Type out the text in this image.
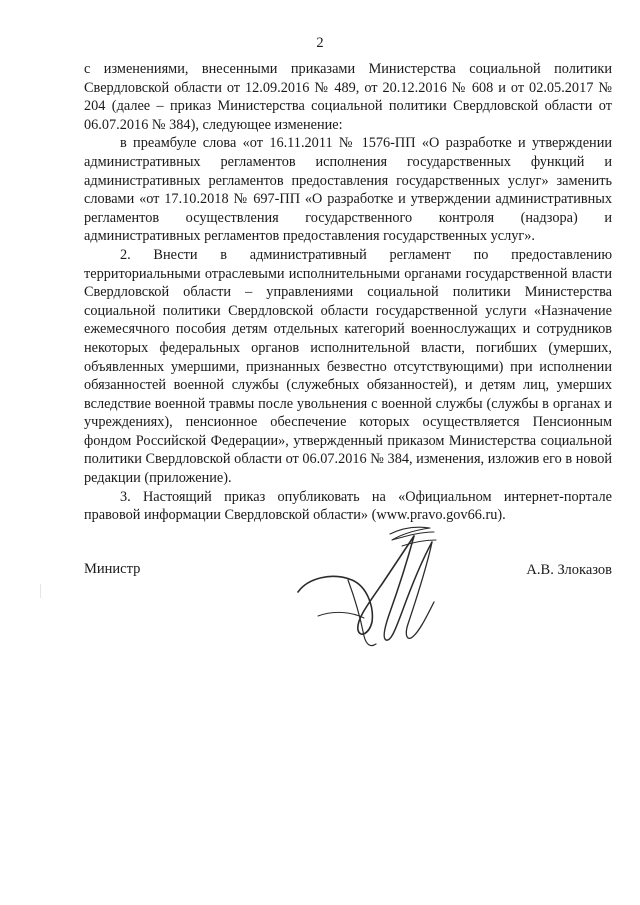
2

с изменениями, внесенными приказами Министерства социальной политики Свердловской области от 12.09.2016 № 489, от 20.12.2016 № 608 и от 02.05.2017 № 204 (далее – приказ Министерства социальной политики Свердловской области от 06.07.2016 № 384), следующее изменение:

в преамбуле слова «от 16.11.2011 № 1576-ПП «О разработке и утверждении административных регламентов исполнения государственных функций и административных регламентов предоставления государственных услуг» заменить словами «от 17.10.2018 № 697-ПП «О разработке и утверждении административных регламентов осуществления государственного контроля (надзора) и административных регламентов предоставления государственных услуг».

2. Внести в административный регламент по предоставлению территориальными отраслевыми исполнительными органами государственной власти Свердловской области – управлениями социальной политики Министерства социальной политики Свердловской области государственной услуги «Назначение ежемесячного пособия детям отдельных категорий военнослужащих и сотрудников некоторых федеральных органов исполнительной власти, погибших (умерших, объявленных умершими, признанных безвестно отсутствующими) при исполнении обязанностей военной службы (служебных обязанностей), и детям лиц, умерших вследствие военной травмы после увольнения с военной службы (службы в органах и учреждениях), пенсионное обеспечение которых осуществляется Пенсионным фондом Российской Федерации», утвержденный приказом Министерства социальной политики Свердловской области от 06.07.2016 № 384, изменения, изложив его в новой редакции (приложение).

3. Настоящий приказ опубликовать на «Официальном интернет-портале правовой информации Свердловской области» (www.pravo.gov66.ru).

Министр	А.В. Злоказов
